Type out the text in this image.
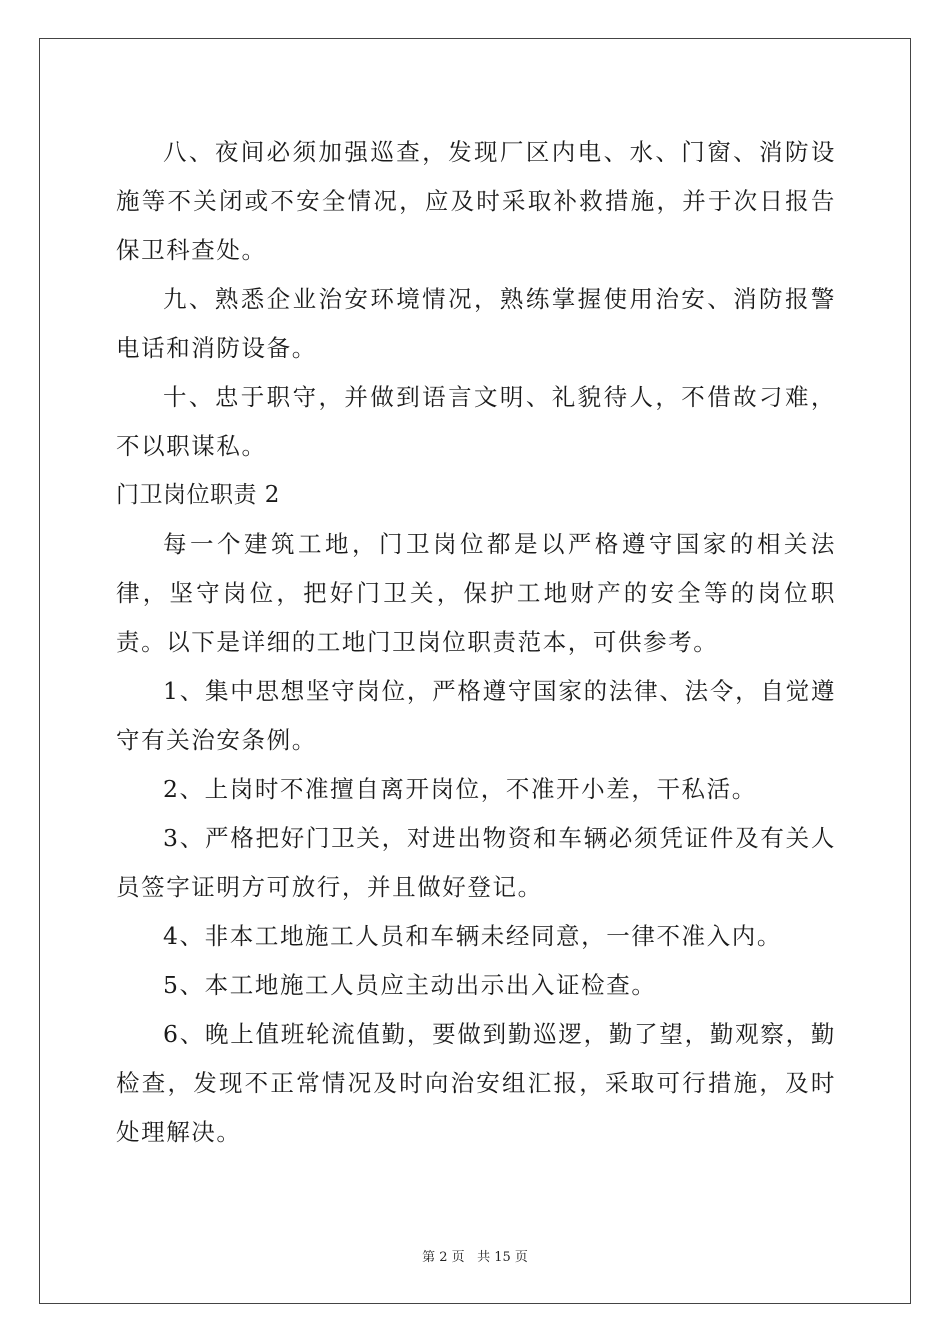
八、夜间必须加强巡查，发现厂区内电、水、门窗、消防设施等不关闭或不安全情况，应及时采取补救措施，并于次日报告保卫科查处。

九、熟悉企业治安环境情况，熟练掌握使用治安、消防报警电话和消防设备。

十、忠于职守，并做到语言文明、礼貌待人，不借故刁难，不以职谋私。

门卫岗位职责 2

每一个建筑工地，门卫岗位都是以严格遵守国家的相关法律，坚守岗位，把好门卫关，保护工地财产的安全等的岗位职责。以下是详细的工地门卫岗位职责范本，可供参考。

1、集中思想坚守岗位，严格遵守国家的法律、法令，自觉遵守有关治安条例。

2、上岗时不准擅自离开岗位，不准开小差，干私活。

3、严格把好门卫关，对进出物资和车辆必须凭证件及有关人员签字证明方可放行，并且做好登记。

4、非本工地施工人员和车辆未经同意，一律不准入内。

5、本工地施工人员应主动出示出入证检查。

6、晚上值班轮流值勤，要做到勤巡逻，勤了望，勤观察，勤检查，发现不正常情况及时向治安组汇报，采取可行措施，及时处理解决。

第 2 页 共 15 页
